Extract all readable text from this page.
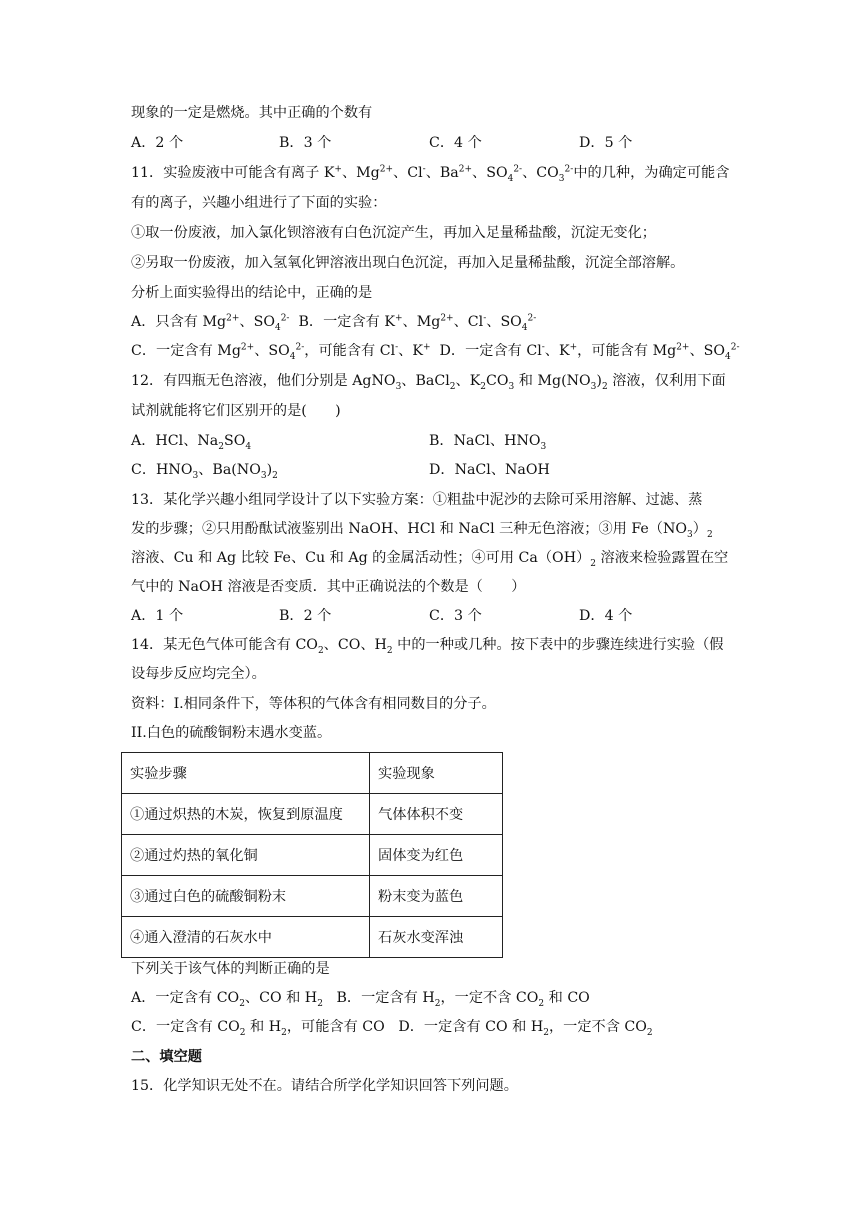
现象的一定是燃烧。其中正确的个数有
A．2 个	B．3 个	C．4 个	D．5 个
11．实验废液中可能含有离子 K+、$Mg^{2+}$、Cl-、$Ba^{2+}$、$SO_4^{2-}$、$CO_3^{2-}$中的几种，为确定可能含
有的离子，兴趣小组进行了下面的实验：
①取一份废液，加入氯化钡溶液有白色沉淀产生，再加入足量稀盐酸，沉淀无变化；
②另取一份废液，加入氢氧化钾溶液出现白色沉淀，再加入足量稀盐酸，沉淀全部溶解。
分析上面实验得出的结论中，正确的是
A．只含有 $Mg^{2+}$、$SO_4^{2-}$ B．一定含有 K+、$Mg^{2+}$、Cl-、$SO_4^{2-}$
C．一定含有 $Mg^{2+}$、$SO_4^{2-}$，可能含有 Cl-、K+ D．一定含有 Cl-、K+，可能含有 $Mg^{2+}$、$SO_4^{2-}$
12．有四瓶无色溶液，他们分别是 AgNO$_3$、BaCl$_2$、$K_2CO_3$ 和 $Mg(NO_3)_2$ 溶液，仅利用下面
试剂就能将它们区别开的是(　　)
A．HCl、$Na_2SO_4$	B．NaCl、$HNO_3$
C．$HNO_3$、$Ba(NO_3)_2$	D．NaCl、NaOH
13．某化学兴趣小组同学设计了以下实验方案：①粗盐中泥沙的去除可采用溶解、过滤、蒸
发的步骤；②只用酚酞试液鉴别出 NaOH、HCl 和 NaCl 三种无色溶液；③用 $Fe(NO_3)_2$
溶液、Cu 和 Ag 比较 Fe、Cu 和 Ag 的金属活动性；④可用 $Ca(OH)_2$ 溶液来检验露置在空
气中的 NaOH 溶液是否变质．其中正确说法的个数是（　　）
A．1 个	B．2 个	C．3 个	D．4 个
14．某无色气体可能含有 $CO_2$、CO、$H_2$ 中的一种或几种。按下表中的步骤连续进行实验（假
设每步反应均完全）。
资料：I.相同条件下，等体积的气体含有相同数目的分子。
II.白色的硫酸铜粉末遇水变蓝。
实验步骤	实验现象
①通过炽热的木炭，恢复到原温度	气体体积不变
②通过灼热的氧化铜	固体变为红色
③通过白色的硫酸铜粉末	粉末变为蓝色
④通入澄清的石灰水中	石灰水变浑浊
下列关于该气体的判断正确的是
A．一定含有 $CO_2$、CO 和 $H_2$ B．一定含有 $H_2$，一定不含 $CO_2$ 和 CO
C．一定含有 $CO_2$ 和 $H_2$，可能含有 CO D．一定含有 CO 和 $H_2$，一定不含 $CO_2$
二、填空题
15．化学知识无处不在。请结合所学化学知识回答下列问题。
